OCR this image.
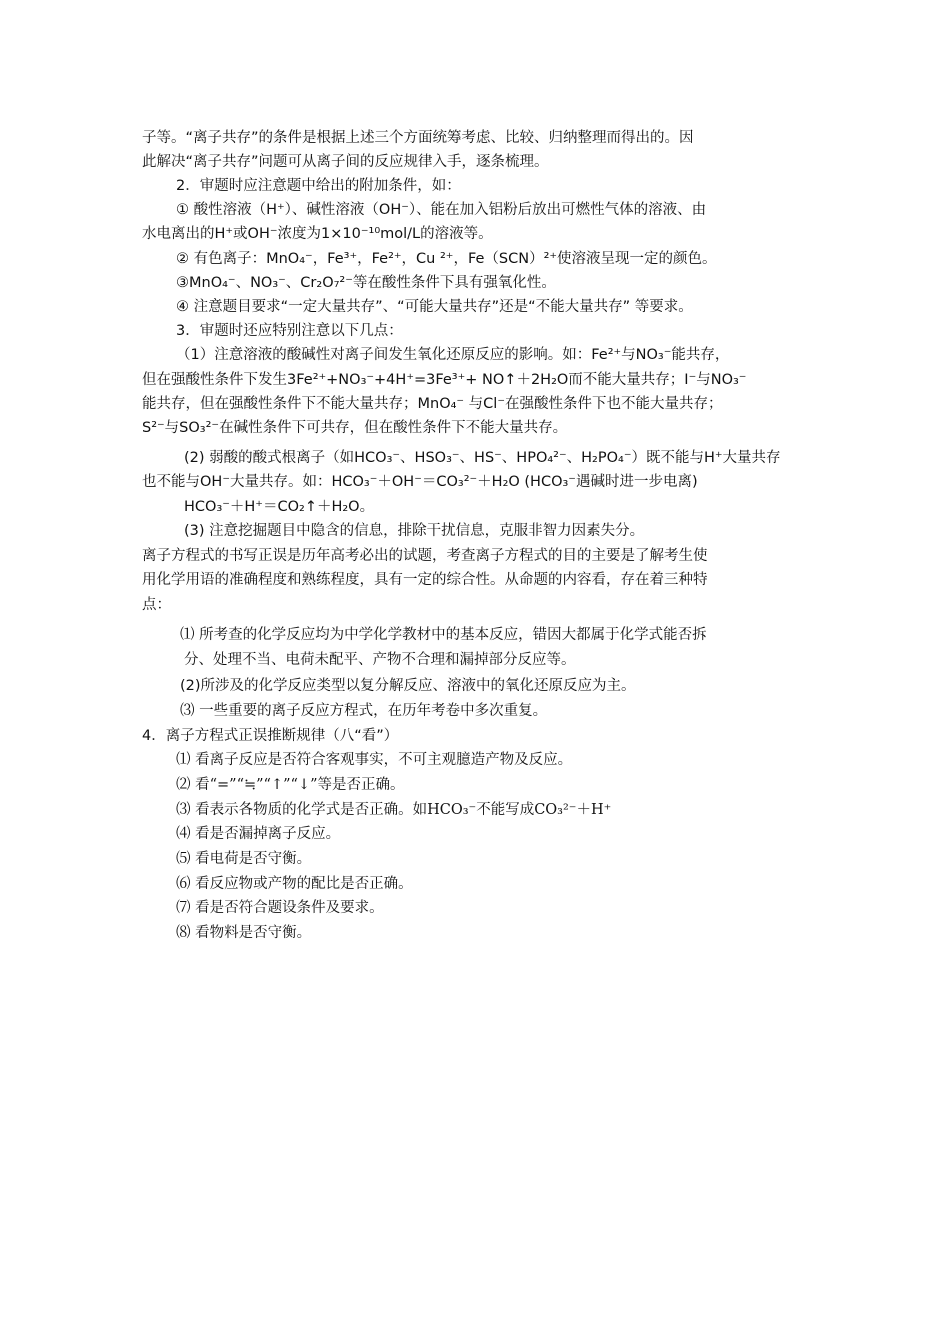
子等。“离子共存”的条件是根据上述三个方面统筹考虑、比较、归纳整理而得出的。因
此解决“离子共存”问题可从离子间的反应规律入手，逐条梳理。
2．审题时应注意题中给出的附加条件，如：
① 酸性溶液（H⁺）、碱性溶液（OH⁻）、能在加入铝粉后放出可燃性气体的溶液、由
水电离出的H⁺或OH⁻浓度为1×10⁻¹⁰mol/L的溶液等。
② 有色离子：MnO₄⁻，Fe³⁺，Fe²⁺，Cu ²⁺，Fe（SCN）²⁺使溶液呈现一定的颜色。
③MnO₄⁻、NO₃⁻、Cr₂O₇²⁻等在酸性条件下具有强氧化性。
④ 注意题目要求“一定大量共存”、“可能大量共存”还是“不能大量共存” 等要求。
3．审题时还应特别注意以下几点：
（1）注意溶液的酸碱性对离子间发生氧化还原反应的影响。如：Fe²⁺与NO₃⁻能共存，
但在强酸性条件下发生3Fe²⁺+NO₃⁻+4H⁺=3Fe³⁺+ NO↑＋2H₂O而不能大量共存；I⁻与NO₃⁻
能共存，但在强酸性条件下不能大量共存；MnO₄⁻ 与Cl⁻在强酸性条件下也不能大量共存；
S²⁻与SO₃²⁻在碱性条件下可共存，但在酸性条件下不能大量共存。
(2) 弱酸的酸式根离子（如HCO₃⁻、HSO₃⁻、HS⁻、HPO₄²⁻、H₂PO₄⁻）既不能与H⁺大量共存
也不能与OH⁻大量共存。如：HCO₃⁻＋OH⁻＝CO₃²⁻＋H₂O (HCO₃⁻遇碱时进一步电离)
HCO₃⁻＋H⁺＝CO₂↑＋H₂O。
(3) 注意挖掘题目中隐含的信息，排除干扰信息，克服非智力因素失分。
离子方程式的书写正误是历年高考必出的试题，考查离子方程式的目的主要是了解考生使
用化学用语的准确程度和熟练程度，具有一定的综合性。从命题的内容看，存在着三种特
点：
⑴ 所考查的化学反应均为中学化学教材中的基本反应，错因大都属于化学式能否拆
分、处理不当、电荷未配平、产物不合理和漏掉部分反应等。
(2)所涉及的化学反应类型以复分解反应、溶液中的氧化还原反应为主。
⑶ 一些重要的离子反应方程式，在历年考卷中多次重复。
4．离子方程式正误推断规律（八“看”）
⑴ 看离子反应是否符合客观事实，不可主观臆造产物及反应。
⑵ 看“=”“≒”“↑”“↓”等是否正确。
⑶ 看表示各物质的化学式是否正确。如HCO₃⁻不能写成CO₃²⁻＋H⁺
⑷ 看是否漏掉离子反应。
⑸ 看电荷是否守衡。
⑹ 看反应物或产物的配比是否正确。
⑺ 看是否符合题设条件及要求。
⑻ 看物料是否守衡。
